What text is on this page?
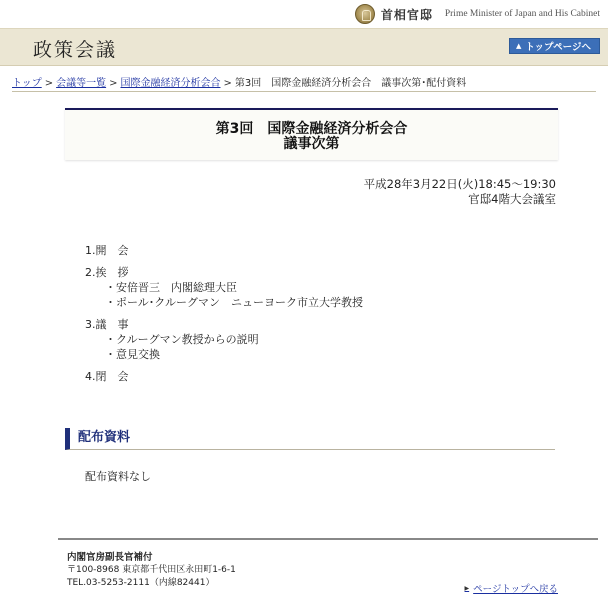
首相官邸	Prime Minister of Japan and His Cabinet
政策会議	▲ トップページへ
トップ > 会議等一覧 > 国際金融経済分析会合 > 第3回　国際金融経済分析会合　議事次第･配付資料
第3回　国際金融経済分析会合
議事次第
平成28年3月22日(火)18:45～19:30
官邸4階大会議室
1.開　会
2.挨　拶
・安倍晋三　内閣総理大臣
・ポール･クルーグマン　ニューヨーク市立大学教授
3.議　事
・クルーグマン教授からの説明
・意見交換
4.閉　会
配布資料
配布資料なし
内閣官房副長官補付
〒100-8968 東京都千代田区永田町1-6-1
TEL.03-5253-2111（内線82441）	▶ ページトップへ戻る
